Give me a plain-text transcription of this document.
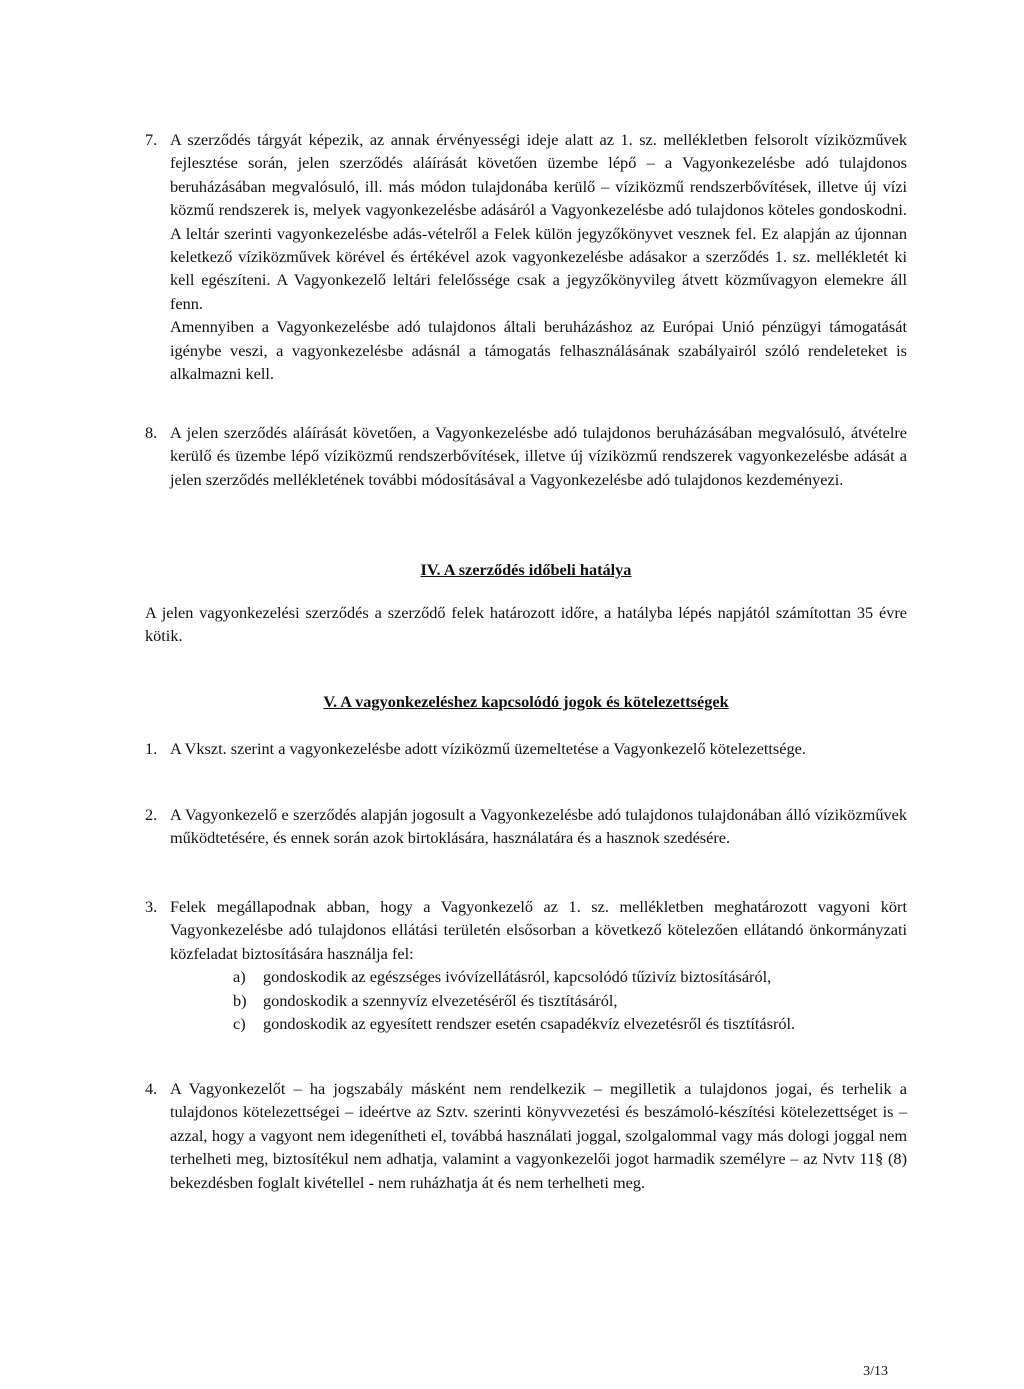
7. A szerződés tárgyát képezik, az annak érvényességi ideje alatt az 1. sz. mellékletben felsorolt víziközművek fejlesztése során, jelen szerződés aláírását követően üzembe lépő – a Vagyonkezelésbe adó tulajdonos beruházásában megvalósuló, ill. más módon tulajdonába kerülő – víziközmű rendszerbővítések, illetve új vízi közmű rendszerek is, melyek vagyonkezelésbe adásáról a Vagyonkezelésbe adó tulajdonos köteles gondoskodni. A leltár szerinti vagyonkezelésbe adás-vételről a Felek külön jegyzőkönyvet vesznek fel. Ez alapján az újonnan keletkező víziközművek körével és értékével azok vagyonkezelésbe adásakor a szerződés 1. sz. mellékletét ki kell egészíteni. A Vagyonkezelő leltári felelőssége csak a jegyzőkönyvileg átvett közművagyon elemekre áll fenn.

Amennyiben a Vagyonkezelésbe adó tulajdonos általi beruházáshoz az Európai Unió pénzügyi támogatását igénybe veszi, a vagyonkezelésbe adásnál a támogatás felhasználásának szabályairól szóló rendeleteket is alkalmazni kell.

8. A jelen szerződés aláírását követően, a Vagyonkezelésbe adó tulajdonos beruházásában megvalósuló, átvételre kerülő és üzembe lépő víziközmű rendszerbővítések, illetve új víziközmű rendszerek vagyonkezelésbe adását a jelen szerződés mellékletének további módosításával a Vagyonkezelésbe adó tulajdonos kezdeményezi.

IV. A szerződés időbeli hatálya
A jelen vagyonkezelési szerződés a szerződő felek határozott időre, a hatályba lépés napjától számítottan 35 évre kötik.
V. A vagyonkezeléshez kapcsolódó jogok és kötelezettségek
1. A Vkszt. szerint a vagyonkezelésbe adott víziközmű üzemeltetése a Vagyonkezelő kötelezettsége.
2. A Vagyonkezelő e szerződés alapján jogosult a Vagyonkezelésbe adó tulajdonos tulajdonában álló víziközművek működtetésére, és ennek során azok birtoklására, használatára és a hasznok szedésére.
3. Felek megállapodnak abban, hogy a Vagyonkezelő az 1. sz. mellékletben meghatározott vagyoni kört Vagyonkezelésbe adó tulajdonos ellátási területén elsősorban a következő kötelezően ellátandó önkormányzati közfeladat biztosítására használja fel:

a) gondoskodik az egészséges ivóvízellátásról, kapcsolódó tűzivíz biztosításáról,
b) gondoskodik a szennyvíz elvezetéséről és tisztításáról,
c) gondoskodik az egyesített rendszer esetén csapadékvíz elvezetésről és tisztításról.
4. A Vagyonkezelőt – ha jogszabály másként nem rendelkezik – megilletik a tulajdonos jogai, és terhelik a tulajdonos kötelezettségei – ideértve az Sztv. szerinti könyvvezetési és beszámoló-készítési kötelezettséget is – azzal, hogy a vagyont nem idegenítheti el, továbbá használati joggal, szolgalommal vagy más dologi joggal nem terhelheti meg, biztosítékul nem adhatja, valamint a vagyonkezelői jogot harmadik személyre – az Nvtv 11§ (8) bekezdésben foglalt kivétellel - nem ruházhatja át és nem terhelheti meg.
3/13
